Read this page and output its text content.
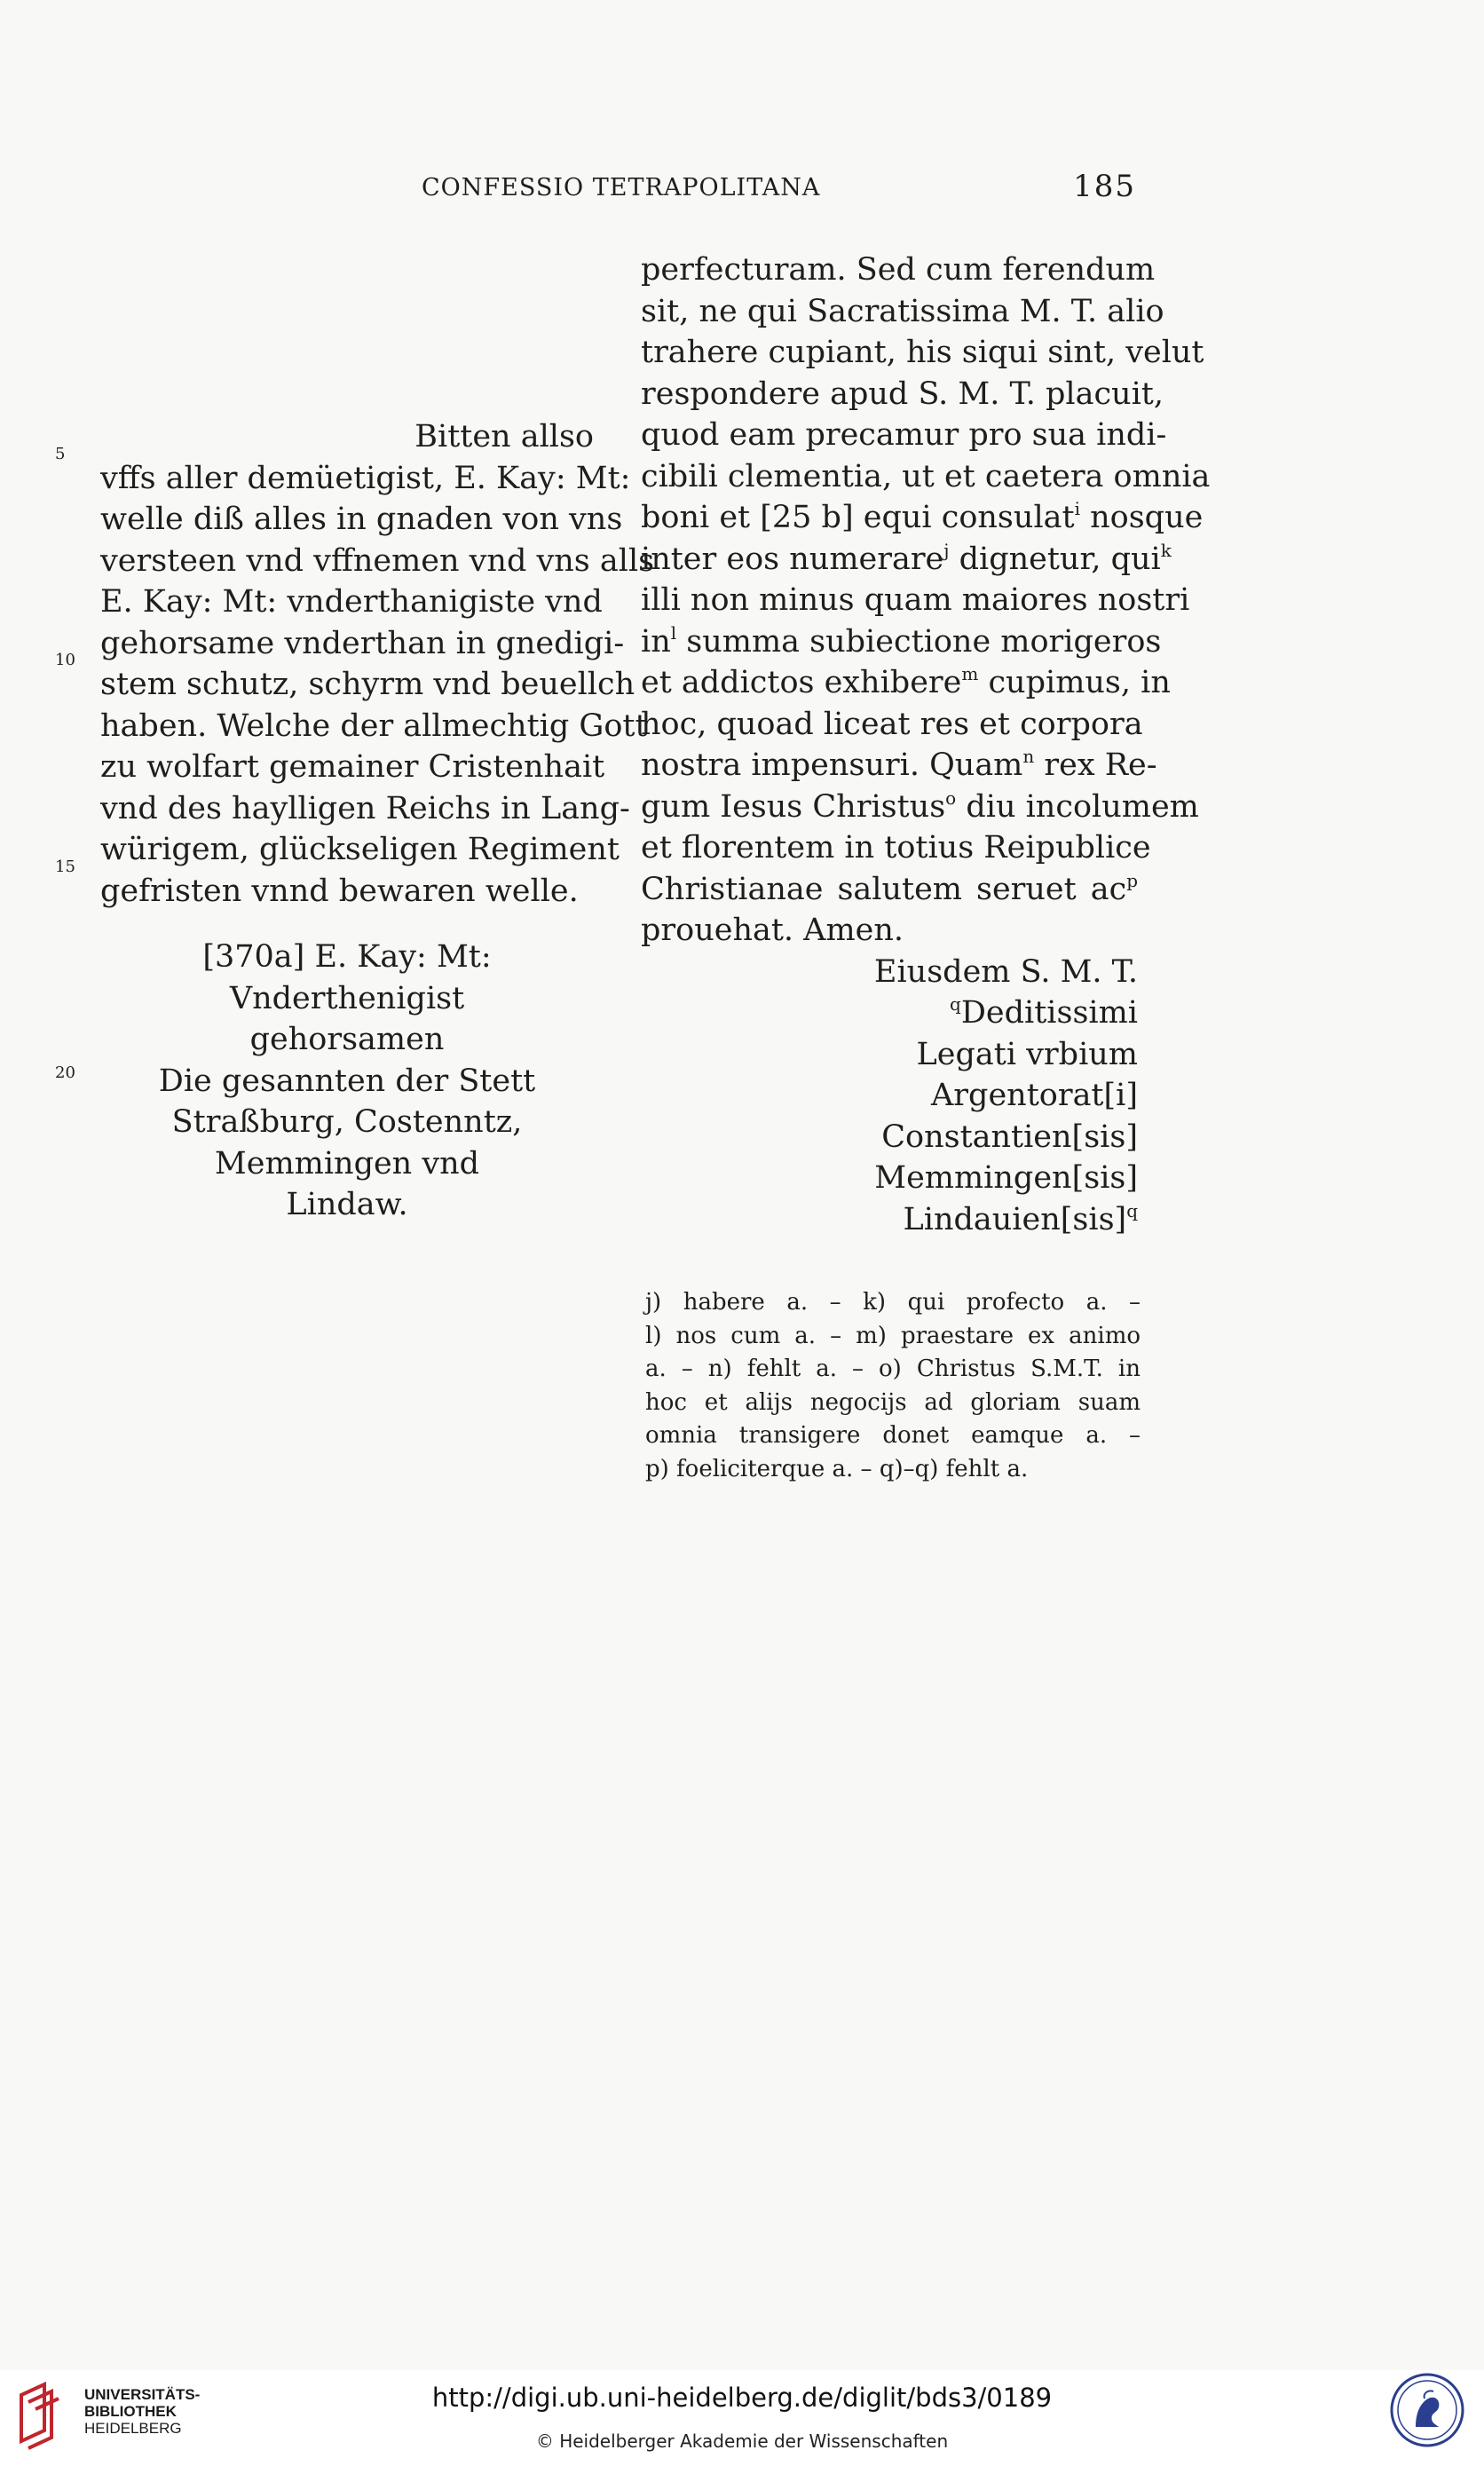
CONFESSIO TETRAPOLITANA	185
5
10
15
20
Bitten allso
vffs aller demüetigist, E. Kay: Mt:
welle diß alles in gnaden von vns
versteen vnd vffnemen vnd vns alls
E. Kay: Mt: vnderthanigiste vnd
gehorsame vnderthan in gnedigi-
stem schutz, schyrm vnd beuellch
haben. Welche der allmechtig Gott
zu wolfart gemainer Cristenhait
vnd des haylligen Reichs in Lang-
würigem, glückseligen Regiment
gefristen vnnd bewaren welle.
[370a] E. Kay: Mt:
Vnderthenigist
gehorsamen
Die gesannten der Stett
Straßburg, Costenntz,
Memmingen vnd
Lindaw.
perfecturam. Sed cum ferendum
sit, ne qui Sacratissima M. T. alio
trahere cupiant, his siqui sint, velut
respondere apud S. M. T. placuit,
quod eam precamur pro sua indi-
cibili clementia, ut et caetera omnia
boni et [25 b] equi consulat$^i$ nosque
inter eos numerare$^j$ dignetur, qui$^k$
illi non minus quam maiores nostri
$in^l$ summa subiectione morigeros
et addictos exhibere$^m$ cupimus, in
hoc, quoad liceat res et corpora
nostra impensuri. Quam$^n$ rex Re-
gum Iesus Christus$^o$ diu incolumem
et florentem in totius Reipublice
Christianae salutem seruet $ac^p$
prouehat. Amen.
Eiusdem S. M. T.
$^q$Deditissimi
Legati vrbium
Argentorat[i]
Constantien[sis]
Memmingen[sis]
Lindauien[sis]$^q$
j) habere a. – k) qui profecto a. –
l) nos cum a. – m) praestare ex animo
a. – n) fehlt a. – o) Christus S.M.T. in
hoc et alijs negocijs ad gloriam suam
omnia transigere donet eamque a. –
p) foeliciterque a. – q)–q) fehlt a.
UNIVERSITÄTS-
BIBLIOTHEK
HEIDELBERG
http://digi.ub.uni-heidelberg.de/diglit/bds3/0189
© Heidelberger Akademie der Wissenschaften
